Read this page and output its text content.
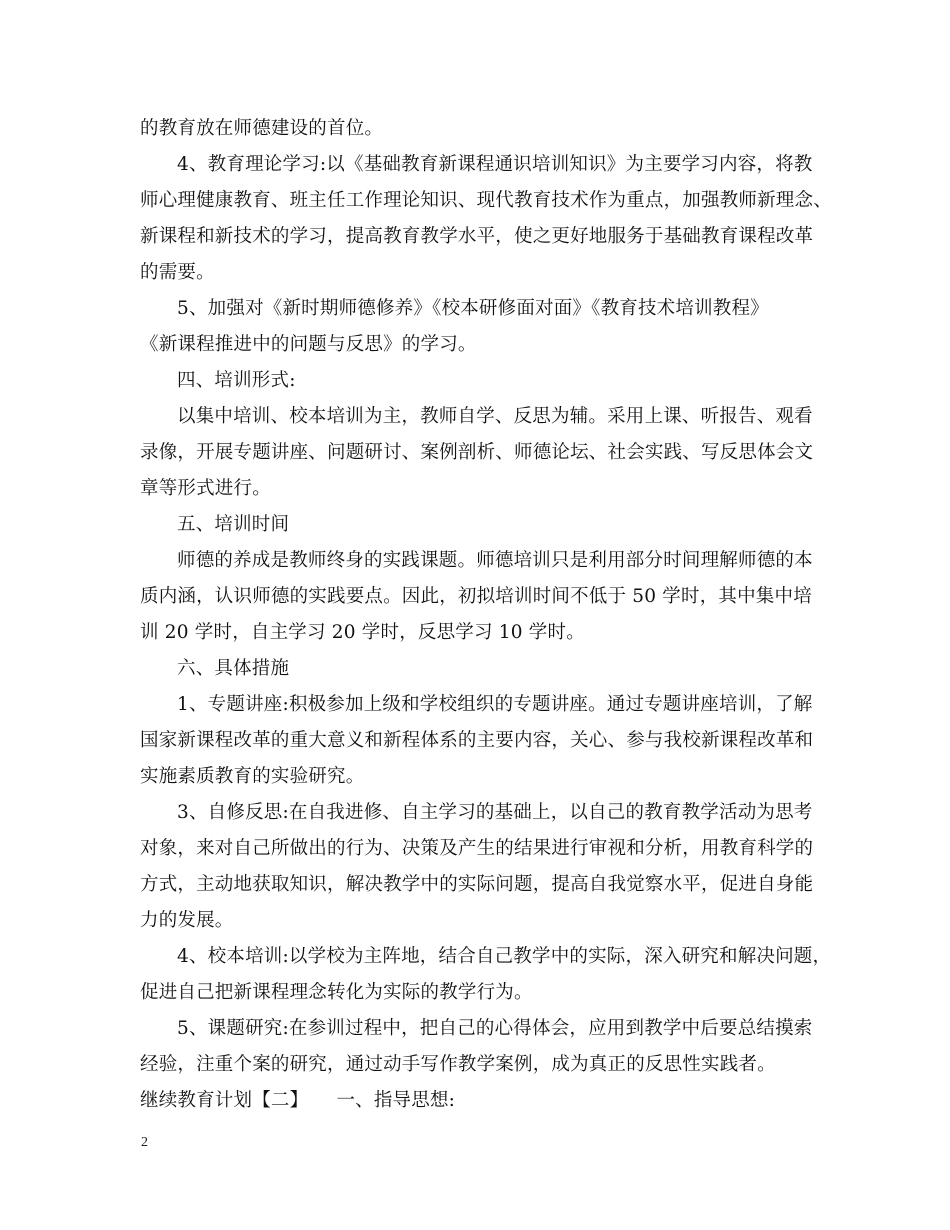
的教育放在师德建设的首位。
4、教育理论学习:以《基础教育新课程通识培训知识》为主要学习内容，将教
师心理健康教育、班主任工作理论知识、现代教育技术作为重点，加强教师新理念、
新课程和新技术的学习，提高教育教学水平，使之更好地服务于基础教育课程改革
的需要。
5、加强对《新时期师德修养》《校本研修面对面》《教育技术培训教程》
《新课程推进中的问题与反思》的学习。
四、培训形式:
以集中培训、校本培训为主，教师自学、反思为辅。采用上课、听报告、观看
录像，开展专题讲座、问题研讨、案例剖析、师德论坛、社会实践、写反思体会文
章等形式进行。
五、培训时间
师德的养成是教师终身的实践课题。师德培训只是利用部分时间理解师德的本
质内涵，认识师德的实践要点。因此，初拟培训时间不低于 50 学时，其中集中培
训 20 学时，自主学习 20 学时，反思学习 10 学时。
六、具体措施
1、专题讲座:积极参加上级和学校组织的专题讲座。通过专题讲座培训，了解
国家新课程改革的重大意义和新程体系的主要内容，关心、参与我校新课程改革和
实施素质教育的实验研究。
3、自修反思:在自我进修、自主学习的基础上，以自己的教育教学活动为思考
对象，来对自己所做出的行为、决策及产生的结果进行审视和分析，用教育科学的
方式，主动地获取知识，解决教学中的实际问题，提高自我觉察水平，促进自身能
力的发展。
4、校本培训:以学校为主阵地，结合自己教学中的实际，深入研究和解决问题，
促进自己把新课程理念转化为实际的教学行为。
5、课题研究:在参训过程中，把自己的心得体会，应用到教学中后要总结摸索
经验，注重个案的研究，通过动手写作教学案例，成为真正的反思性实践者。
继续教育计划【二】　　一、指导思想:
2
